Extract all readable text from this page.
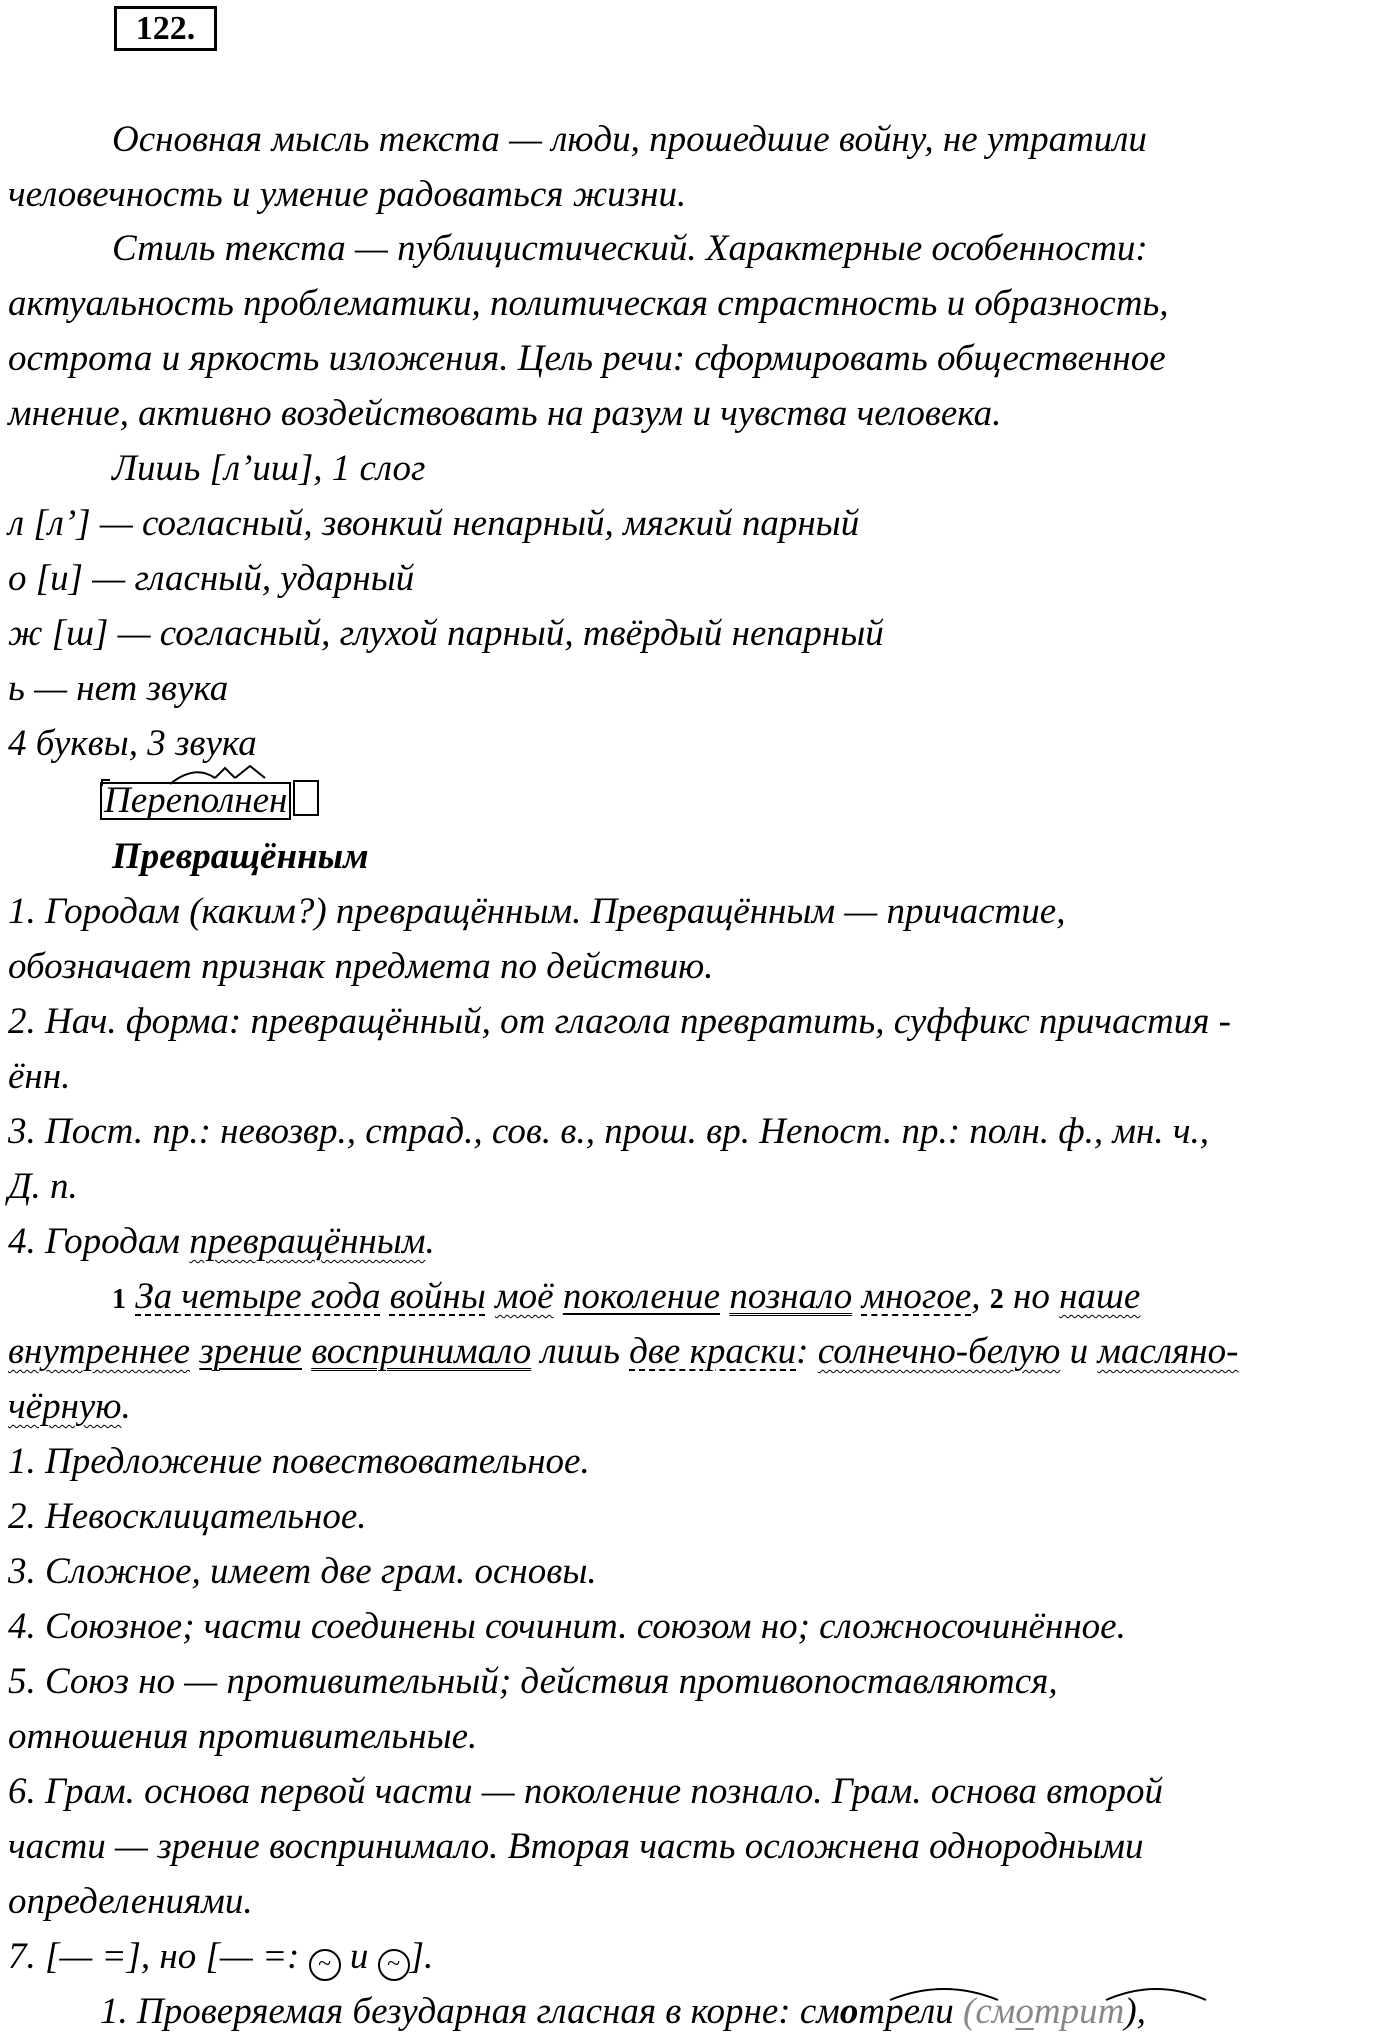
122.
Основная мысль текста — люди, прошедшие войну, не утратили
человечность и умение радоваться жизни.
Стиль текста — публицистический. Характерные особенности:
актуальность проблематики, политическая страстность и образность,
острота и яркость изложения. Цель речи: сформировать общественное
мнение, активно воздействовать на разум и чувства человека.
Лишь [л’иш], 1 слог
л [л’] — согласный, звонкий непарный, мягкий парный
о [и] — гласный, ударный
ж [ш] — согласный, глухой парный, твёрдый непарный
ь — нет звука
4 буквы, 3 звука
Переполнен
Превращённым
1. Городам (каким?) превращённым. Превращённым — причастие,
обозначает признак предмета по действию.
2. Нач. форма: превращённый, от глагола превратить, суффикс причастия -
ённ.
3. Пост. пр.: невозвр., страд., сов. в., прош. вр. Непост. пр.: полн. ф., мн. ч.,
Д. п.
4. Городам превращённым.
1 За четыре года войны моё поколение познало многое, 2 но наше
внутреннее зрение воспринимало лишь две краски: солнечно-белую и масляно-
чёрную.
1. Предложение повествовательное.
2. Невосклицательное.
3. Сложное, имеет две грам. основы.
4. Союзное; части соединены сочинит. союзом но; сложносочинённое.
5. Союз но — противительный; действия противопоставляются,
отношения противительные.
6. Грам. основа первой части — поколение познало. Грам. основа второй
части — зрение воспринимало. Вторая часть осложнена однородными
определениями.
7. [— =], но [— =: ~ и ~ ].
1. Проверяемая безударная гласная в корне: смотрели (смотрит),
